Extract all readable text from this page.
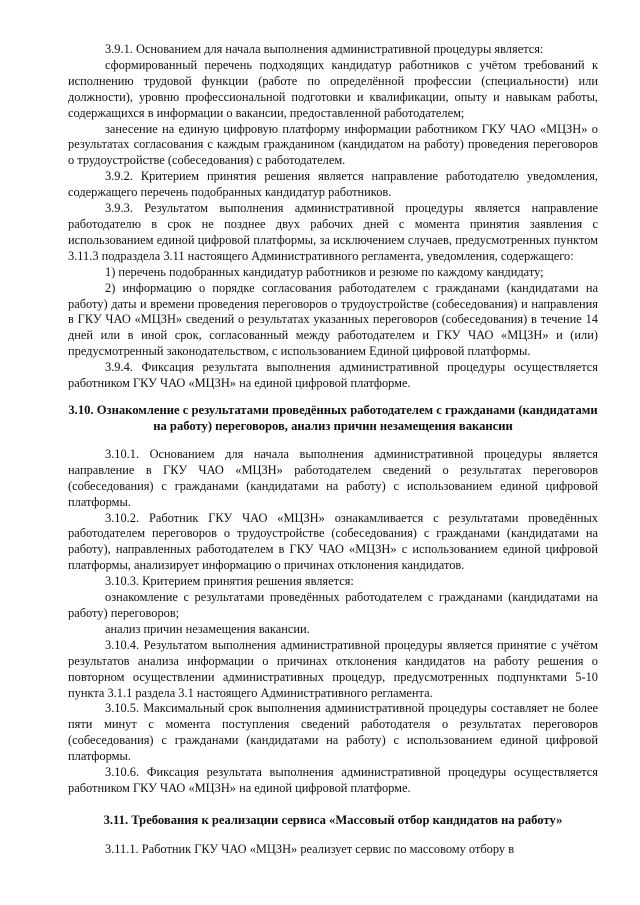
3.9.1. Основанием для начала выполнения административной процедуры является:

сформированный перечень подходящих кандидатур работников с учётом требований к исполнению трудовой функции (работе по определённой профессии (специальности) или должности), уровню профессиональной подготовки и квалификации, опыту и навыкам работы, содержащихся в информации о вакансии, предоставленной работодателем;

занесение на единую цифровую платформу информации работником ГКУ ЧАО «МЦЗН» о результатах согласования с каждым гражданином (кандидатом на работу) проведения переговоров о трудоустройстве (собеседования) с работодателем.

3.9.2. Критерием принятия решения является направление работодателю уведомления, содержащего перечень подобранных кандидатур работников.

3.9.3. Результатом выполнения административной процедуры является направление работодателю в срок не позднее двух рабочих дней с момента принятия заявления с использованием единой цифровой платформы, за исключением случаев, предусмотренных пунктом 3.11.3 подраздела 3.11 настоящего Административного регламента, уведомления, содержащего:

1) перечень подобранных кандидатур работников и резюме по каждому кандидату;

2) информацию о порядке согласования работодателем с гражданами (кандидатами на работу) даты и времени проведения переговоров о трудоустройстве (собеседования) и направления в ГКУ ЧАО «МЦЗН» сведений о результатах указанных переговоров (собеседования) в течение 14 дней или в иной срок, согласованный между работодателем и ГКУ ЧАО «МЦЗН» и (или) предусмотренный законодательством, с использованием Единой цифровой платформы.

3.9.4. Фиксация результата выполнения административной процедуры осуществляется работником ГКУ ЧАО «МЦЗН» на единой цифровой платформе.

3.10. Ознакомление с результатами проведённых работодателем с гражданами (кандидатами на работу) переговоров, анализ причин незамещения вакансии

3.10.1. Основанием для начала выполнения административной процедуры является направление в ГКУ ЧАО «МЦЗН» работодателем сведений о результатах переговоров (собеседования) с гражданами (кандидатами на работу) с использованием единой цифровой платформы.

3.10.2. Работник ГКУ ЧАО «МЦЗН» ознакамливается с результатами проведённых работодателем переговоров о трудоустройстве (собеседования) с гражданами (кандидатами на работу), направленных работодателем в ГКУ ЧАО «МЦЗН» с использованием единой цифровой платформы, анализирует информацию о причинах отклонения кандидатов.

3.10.3. Критерием принятия решения является:

ознакомление с результатами проведённых работодателем с гражданами (кандидатами на работу) переговоров;

анализ причин незамещения вакансии.

3.10.4. Результатом выполнения административной процедуры является принятие с учётом результатов анализа информации о причинах отклонения кандидатов на работу решения о повторном осуществлении административных процедур, предусмотренных подпунктами 5-10 пункта 3.1.1 раздела 3.1 настоящего Административного регламента.

3.10.5. Максимальный срок выполнения административной процедуры составляет не более пяти минут с момента поступления сведений работодателя о результатах переговоров (собеседования) с гражданами (кандидатами на работу) с использованием единой цифровой платформы.

3.10.6. Фиксация результата выполнения административной процедуры осуществляется работником ГКУ ЧАО «МЦЗН» на единой цифровой платформе.

3.11. Требования к реализации сервиса «Массовый отбор кандидатов на работу»

3.11.1. Работник ГКУ ЧАО «МЦЗН» реализует сервис по массовому отбору в
